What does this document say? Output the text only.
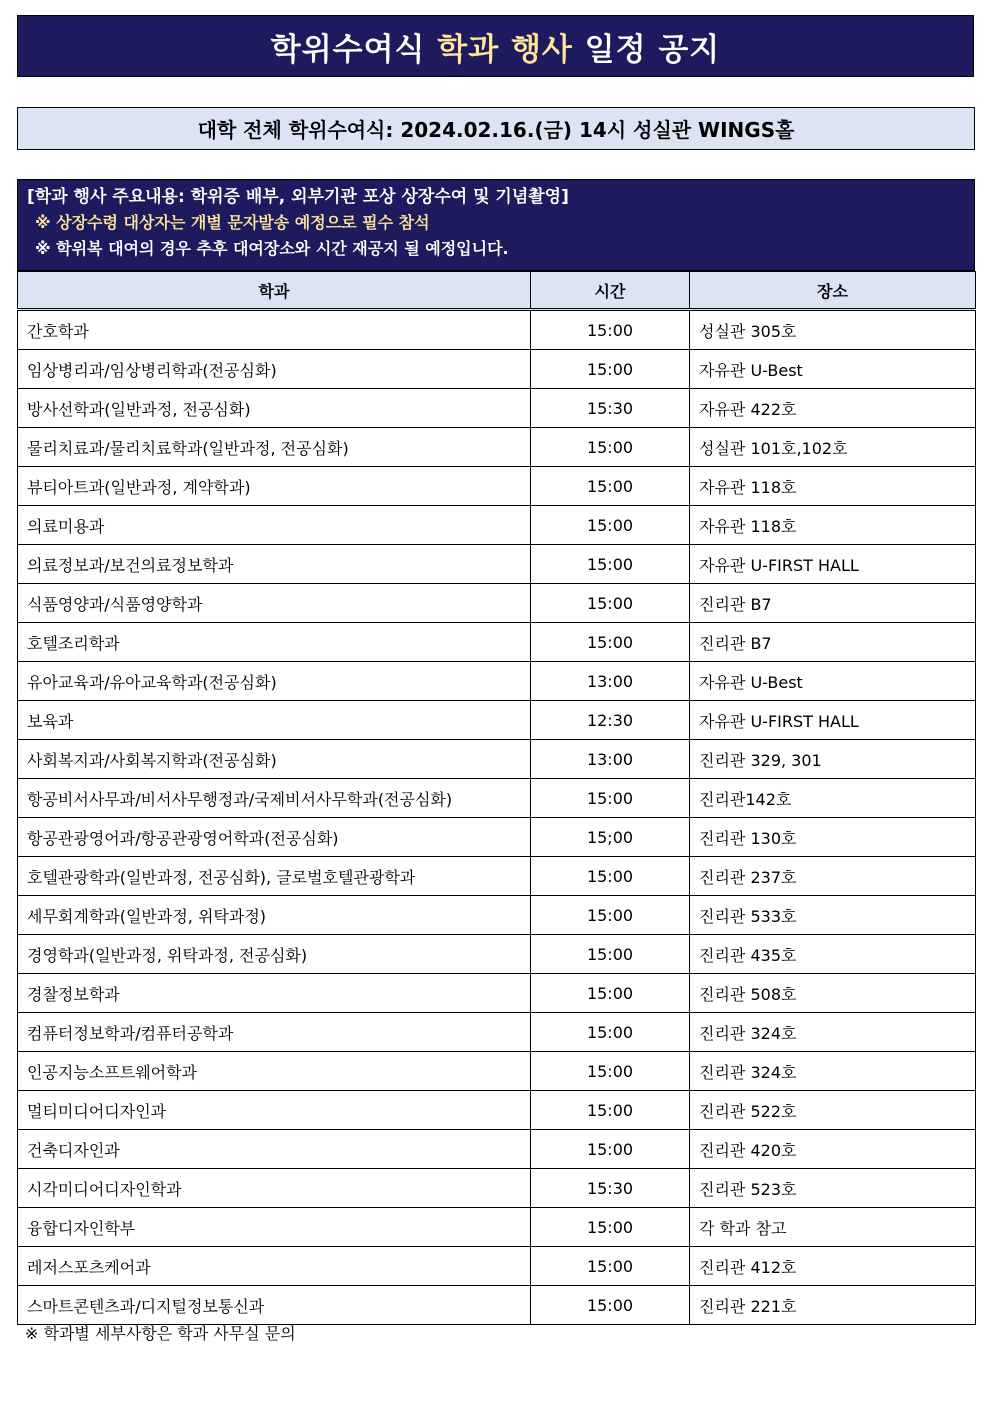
학위수여식
학과 행사
일정 공지
대학 전체 학위수여식: 2024.02.16.(금) 14시 성실관 WINGS홀
[학과 행사 주요내용: 학위증 배부, 외부기관 포상 상장수여 및 기념촬영]
※ 상장수령 대상자는 개별 문자발송 예정으로 필수 참석
※ 학위복 대여의 경우 추후 대여장소와 시간 재공지 될 예정입니다.
학과	시간	장소
간호학과	15:00	성실관 305호
임상병리과/임상병리학과(전공심화)	15:00	자유관 U-Best
방사선학과(일반과정, 전공심화)	15:30	자유관 422호
물리치료과/물리치료학과(일반과정, 전공심화)	15:00	성실관 101호,102호
뷰티아트과(일반과정, 계약학과)	15:00	자유관 118호
의료미용과	15:00	자유관 118호
의료정보과/보건의료정보학과	15:00	자유관 U-FIRST HALL
식품영양과/식품영양학과	15:00	진리관 B7
호텔조리학과	15:00	진리관 B7
유아교육과/유아교육학과(전공심화)	13:00	자유관 U-Best
보육과	12:30	자유관 U-FIRST HALL
사회복지과/사회복지학과(전공심화)	13:00	진리관 329, 301
항공비서사무과/비서사무행정과/국제비서사무학과(전공심화)	15:00	진리관142호
항공관광영어과/항공관광영어학과(전공심화)	15;00	진리관 130호
호텔관광학과(일반과정, 전공심화), 글로벌호텔관광학과	15:00	진리관 237호
세무회계학과(일반과정, 위탁과정)	15:00	진리관 533호
경영학과(일반과정, 위탁과정, 전공심화)	15:00	진리관 435호
경찰정보학과	15:00	진리관 508호
컴퓨터정보학과/컴퓨터공학과	15:00	진리관 324호
인공지능소프트웨어학과	15:00	진리관 324호
멀티미디어디자인과	15:00	진리관 522호
건축디자인과	15:00	진리관 420호
시각미디어디자인학과	15:30	진리관 523호
융합디자인학부	15:00	각 학과 참고
레저스포츠케어과	15:00	진리관 412호
스마트콘텐츠과/디지털정보통신과	15:00	진리관 221호
※ 학과별 세부사항은 학과 사무실 문의
